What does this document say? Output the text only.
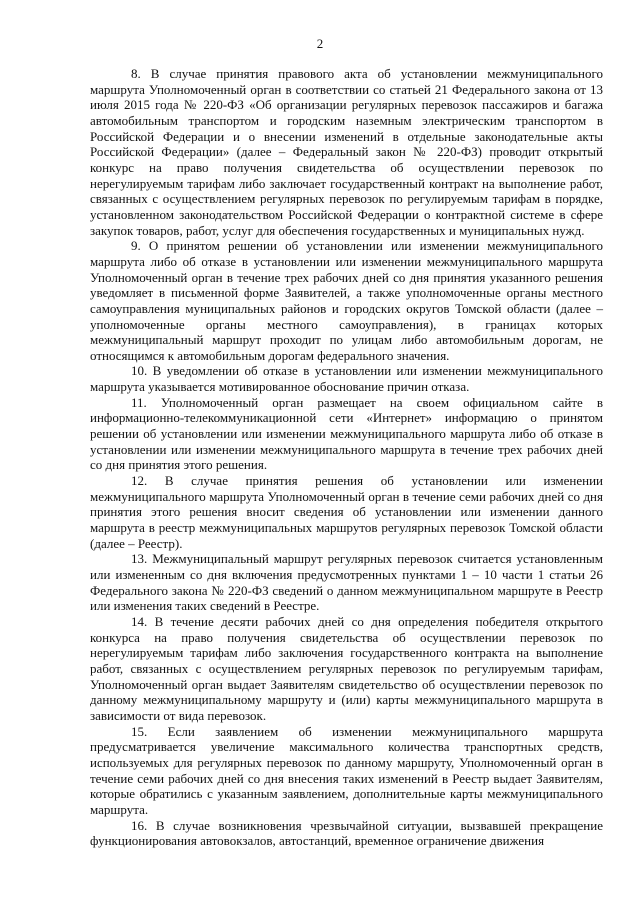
2

8. В случае принятия правового акта об установлении межмуниципального маршрута Уполномоченный орган в соответствии со статьей 21 Федерального закона от 13 июля 2015 года № 220-ФЗ «Об организации регулярных перевозок пассажиров и багажа автомобильным транспортом и городским наземным электрическим транспортом в Российской Федерации и о внесении изменений в отдельные законодательные акты Российской Федерации» (далее – Федеральный закон № 220-ФЗ) проводит открытый конкурс на право получения свидетельства об осуществлении перевозок по нерегулируемым тарифам либо заключает государственный контракт на выполнение работ, связанных с осуществлением регулярных перевозок по регулируемым тарифам в порядке, установленном законодательством Российской Федерации о контрактной системе в сфере закупок товаров, работ, услуг для обеспечения государственных и муниципальных нужд.

9. О принятом решении об установлении или изменении межмуниципального маршрута либо об отказе в установлении или изменении межмуниципального маршрута Уполномоченный орган в течение трех рабочих дней со дня принятия указанного решения уведомляет в письменной форме Заявителей, а также уполномоченные органы местного самоуправления муниципальных районов и городских округов Томской области (далее – уполномоченные органы местного самоуправления), в границах которых межмуниципальный маршрут проходит по улицам либо автомобильным дорогам, не относящимся к автомобильным дорогам федерального значения.

10. В уведомлении об отказе в установлении или изменении межмуниципального маршрута указывается мотивированное обоснование причин отказа.

11. Уполномоченный орган размещает на своем официальном сайте в информационно-телекоммуникационной сети «Интернет» информацию о принятом решении об установлении или изменении межмуниципального маршрута либо об отказе в установлении или изменении межмуниципального маршрута в течение трех рабочих дней со дня принятия этого решения.

12. В случае принятия решения об установлении или изменении межмуниципального маршрута Уполномоченный орган в течение семи рабочих дней со дня принятия этого решения вносит сведения об установлении или изменении данного маршрута в реестр межмуниципальных маршрутов регулярных перевозок Томской области (далее – Реестр).

13. Межмуниципальный маршрут регулярных перевозок считается установленным или измененным со дня включения предусмотренных пунктами 1 – 10 части 1 статьи 26 Федерального закона № 220-ФЗ сведений о данном межмуниципальном маршруте в Реестр или изменения таких сведений в Реестре.

14. В течение десяти рабочих дней со дня определения победителя открытого конкурса на право получения свидетельства об осуществлении перевозок по нерегулируемым тарифам либо заключения государственного контракта на выполнение работ, связанных с осуществлением регулярных перевозок по регулируемым тарифам, Уполномоченный орган выдает Заявителям свидетельство об осуществлении перевозок по данному межмуниципальному маршруту и (или) карты межмуниципального маршрута в зависимости от вида перевозок.

15. Если заявлением об изменении межмуниципального маршрута предусматривается увеличение максимального количества транспортных средств, используемых для регулярных перевозок по данному маршруту, Уполномоченный орган в течение семи рабочих дней со дня внесения таких изменений в Реестр выдает Заявителям, которые обратились с указанным заявлением, дополнительные карты межмуниципального маршрута.

16. В случае возникновения чрезвычайной ситуации, вызвавшей прекращение функционирования автовокзалов, автостанций, временное ограничение движения
